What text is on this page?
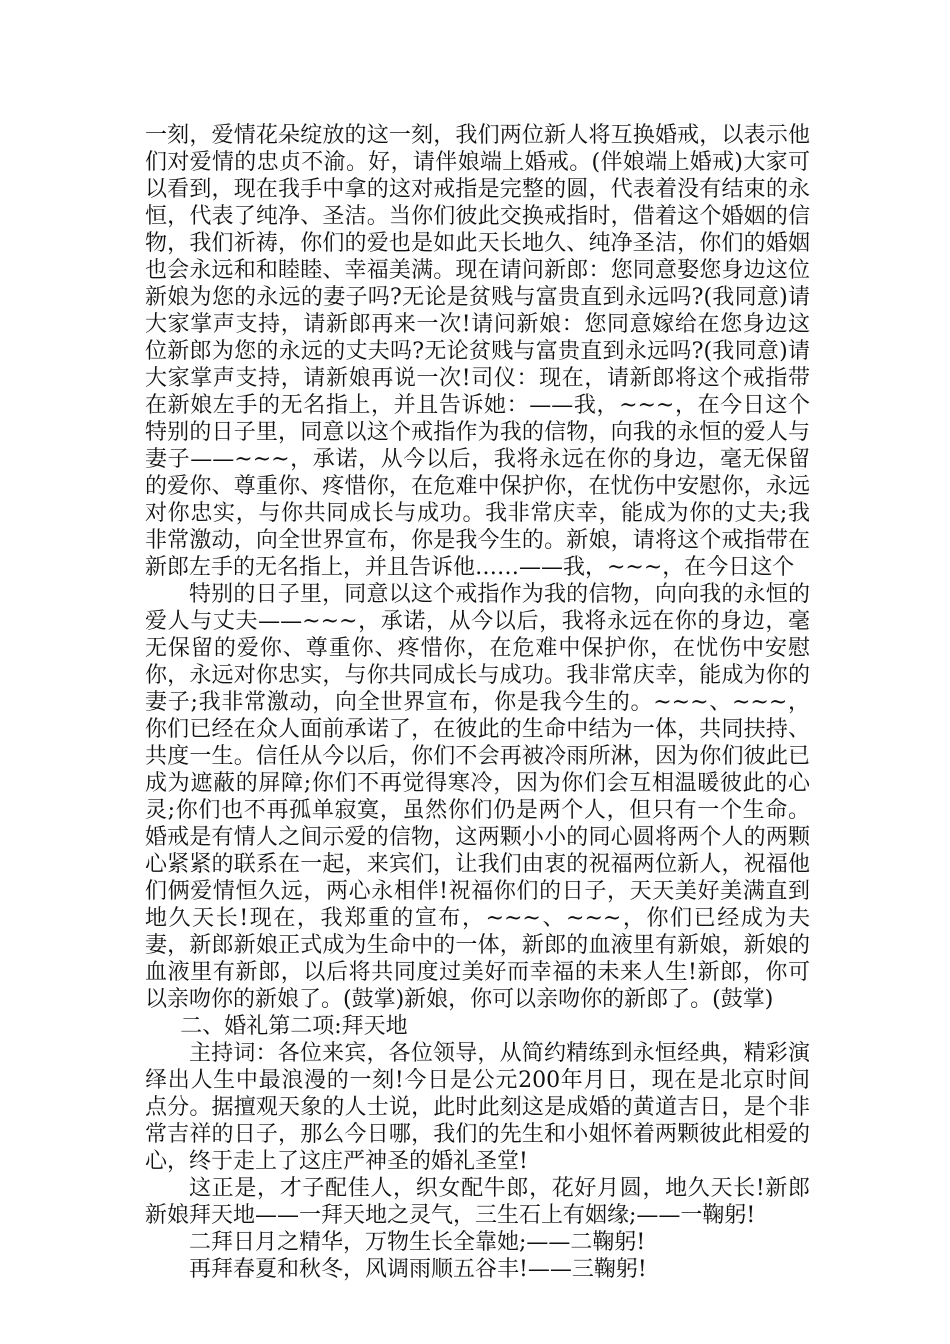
一刻，爱情花朵绽放的这一刻，我们两位新人将互换婚戒，以表示他们对爱情的忠贞不渝。好，请伴娘端上婚戒。(伴娘端上婚戒)大家可以看到，现在我手中拿的这对戒指是完整的圆，代表着没有结束的永恒，代表了纯净、圣洁。当你们彼此交换戒指时，借着这个婚姻的信物，我们祈祷，你们的爱也是如此天长地久、纯净圣洁，你们的婚姻也会永远和和睦睦、幸福美满。现在请问新郎：您同意娶您身边这位新娘为您的永远的妻子吗?无论是贫贱与富贵直到永远吗?(我同意)请大家掌声支持，请新郎再来一次!请问新娘：您同意嫁给在您身边这位新郎为您的永远的丈夫吗?无论贫贱与富贵直到永远吗?(我同意)请大家掌声支持，请新娘再说一次!司仪：现在，请新郎将这个戒指带在新娘左手的无名指上，并且告诉她：——我，~~~，在今日这个特别的日子里，同意以这个戒指作为我的信物，向我的永恒的爱人与妻子——~~~，承诺，从今以后，我将永远在你的身边，毫无保留的爱你、尊重你、疼惜你，在危难中保护你，在忧伤中安慰你，永远对你忠实，与你共同成长与成功。我非常庆幸，能成为你的丈夫;我非常激动，向全世界宣布，你是我今生的。新娘，请将这个戒指带在新郎左手的无名指上，并且告诉他……——我，~~~，在今日这个

特别的日子里，同意以这个戒指作为我的信物，向向我的永恒的爱人与丈夫——~~~，承诺，从今以后，我将永远在你的身边，毫无保留的爱你、尊重你、疼惜你，在危难中保护你，在忧伤中安慰你，永远对你忠实，与你共同成长与成功。我非常庆幸，能成为你的妻子;我非常激动，向全世界宣布，你是我今生的。~~~、~~~，你们已经在众人面前承诺了，在彼此的生命中结为一体，共同扶持、共度一生。信任从今以后，你们不会再被冷雨所淋，因为你们彼此已成为遮蔽的屏障;你们不再觉得寒冷，因为你们会互相温暖彼此的心灵;你们也不再孤单寂寞，虽然你们仍是两个人，但只有一个生命。婚戒是有情人之间示爱的信物，这两颗小小的同心圆将两个人的两颗心紧紧的联系在一起，来宾们，让我们由衷的祝福两位新人，祝福他们俩爱情恒久远，两心永相伴!祝福你们的日子，天天美好美满直到地久天长!现在，我郑重的宣布，~~~、~~~，你们已经成为夫妻，新郎新娘正式成为生命中的一体，新郎的血液里有新娘，新娘的血液里有新郎，以后将共同度过美好而幸福的未来人生!新郎，你可以亲吻你的新娘了。(鼓掌)新娘，你可以亲吻你的新郎了。(鼓掌)

二、婚礼第二项:拜天地

主持词：各位来宾，各位领导，从简约精练到永恒经典，精彩演绎出人生中最浪漫的一刻!今日是公元200年月日，现在是北京时间点分。据擅观天象的人士说，此时此刻这是成婚的黄道吉日，是个非常吉祥的日子，那么今日哪，我们的先生和小姐怀着两颗彼此相爱的心，终于走上了这庄严神圣的婚礼圣堂!

这正是，才子配佳人，织女配牛郎，花好月圆，地久天长!新郎新娘拜天地——一拜天地之灵气，三生石上有姻缘;——一鞠躬!

二拜日月之精华，万物生长全靠她;——二鞠躬!

再拜春夏和秋冬，风调雨顺五谷丰!——三鞠躬!
